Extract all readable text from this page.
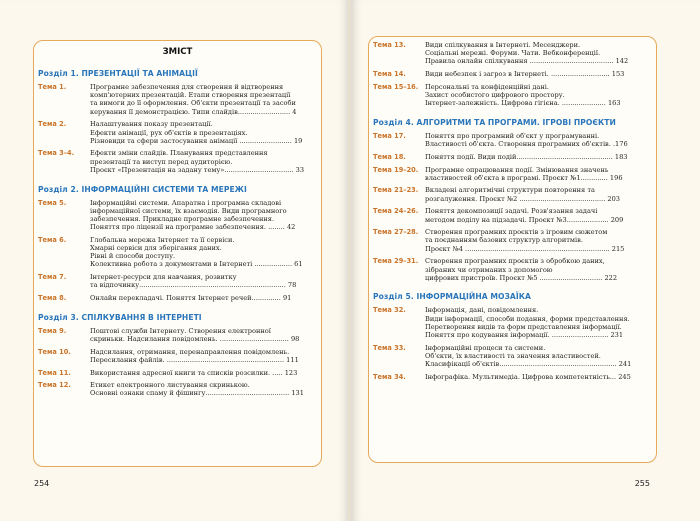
ЗМІСТ
Розділ 1. ПРЕЗЕНТАЦІЇ ТА АНІМАЦІЇ
Тема 1.	Програмне забезпечення для створення й відтворення
комп'ютерних презентацій. Етапи створення презентації
та вимоги до її оформлення. Об'єкти презентації та засоби
керування її демонстрацією. Типи слайдів......................... 4
Тема 2.	Налаштування показу презентації.
Ефекти анімації, рух об'єктів в презентаціях.
Різновиди та сфери застосування анімації ......................... 19
Тема 3–4.	Ефекти зміни слайдів. Планування представлення
презентації та виступ перед аудиторією.
Проєкт «Презентація на задану тему»................................. 33
Розділ 2. ІНФОРМАЦІЙНІ СИСТЕМИ ТА МЕРЕЖІ
Тема 5.	Інформаційні системи. Апаратна і програмна складові
інформаційної системи, їх взаємодія. Види програмного
забезпечення. Прикладне програмне забезпечення.
Поняття про ліцензії на програмне забезпечення. ........ 42
Тема 6.	Глобальна мережа Інтернет та її сервіси.
Хмарні сервіси для зберігання даних.
Рівні й способи доступу.
Колективна робота з документами в Інтернеті .................. 61
Тема 7.	Інтернет-ресурси для навчання, розвитку
та відпочинку...................................................................... 78
Тема 8.	Онлайн перекладачі. Поняття Інтернет речей.............. 91
Розділ 3. СПІЛКУВАННЯ В ІНТЕРНЕТІ
Тема 9.	Поштові служби Інтернету. Створення електронної
скриньки. Надсилання повідомлень. ................................. 98
Тема 10.	Надсилання, отримання, перенаправлення повідомлень.
Пересилання файлів. ........................................................ 111
Тема 11.	Використання адресної книги та списків розсилки. ..... 123
Тема 12.	Етикет електронного листування скринькою.
Основні ознаки спаму й фішингу........................................ 131
254
Тема 13.	Види спілкування в Інтернеті. Месенджери.
Соціальні мережі. Форуми. Чати. Вебконференції.
Правила онлайн спілкування ........................................ 142
Тема 14.	Види небезпек і загроз в Інтернеті. ............................ 153
Тема 15–16.	Персональні та конфіденційні дані.
Захист особистого цифрового простору.
Інтернет-залежність. Цифрова гігієна. ..................... 163
Розділ 4. АЛГОРИТМИ ТА ПРОГРАМИ. ІГРОВІ ПРОЄКТИ
Тема 17.	Поняття про програмний об'єкт у програмуванні.
Властивості об'єкта. Створення програмних об'єктів. .176
Тема 18.	Поняття події. Види подій.............................................. 183
Тема 19–20.	Програмне опрацювання події. Змінювання значень
властивостей об'єкта в програмі. Проєкт №1............. 196
Тема 21–23.	Вкладені алгоритмічні структури повторення та
розгалуження. Проєкт №2 ......................................... 203
Тема 24–26.	Поняття декомпозиції задачі. Розв'язання задачі
методом поділу на підзадачі. Проєкт №3.................... 209
Тема 27–28.	Створення програмних проєктів з ігровим сюжетом
та поєднанням базових структур алгоритмів.
Проєкт №4 ..................................................................... 215
Тема 29–31.	Створення програмних проєктів з обробкою даних,
зібраних чи отриманих з допомогою
цифрових пристроїв. Проєкт №5 .............................. 222
Розділ 5. ІНФОРМАЦІЙНА МОЗАЇКА
Тема 32.	Інформація, дані, повідомлення.
Види інформації, способи подання, форми представлення.
Перетворення видів та форм представлення інформації.
Поняття про кодування інформації. ........................... 231
Тема 33.	Інформаційні процеси та системи.
Об'єкти, їх властивості та значення властивостей.
Класифікації об'єктів........................................................ 241
Тема 34.	Інфографіка. Мультимедіа. Цифрова компетентність... 245
255
